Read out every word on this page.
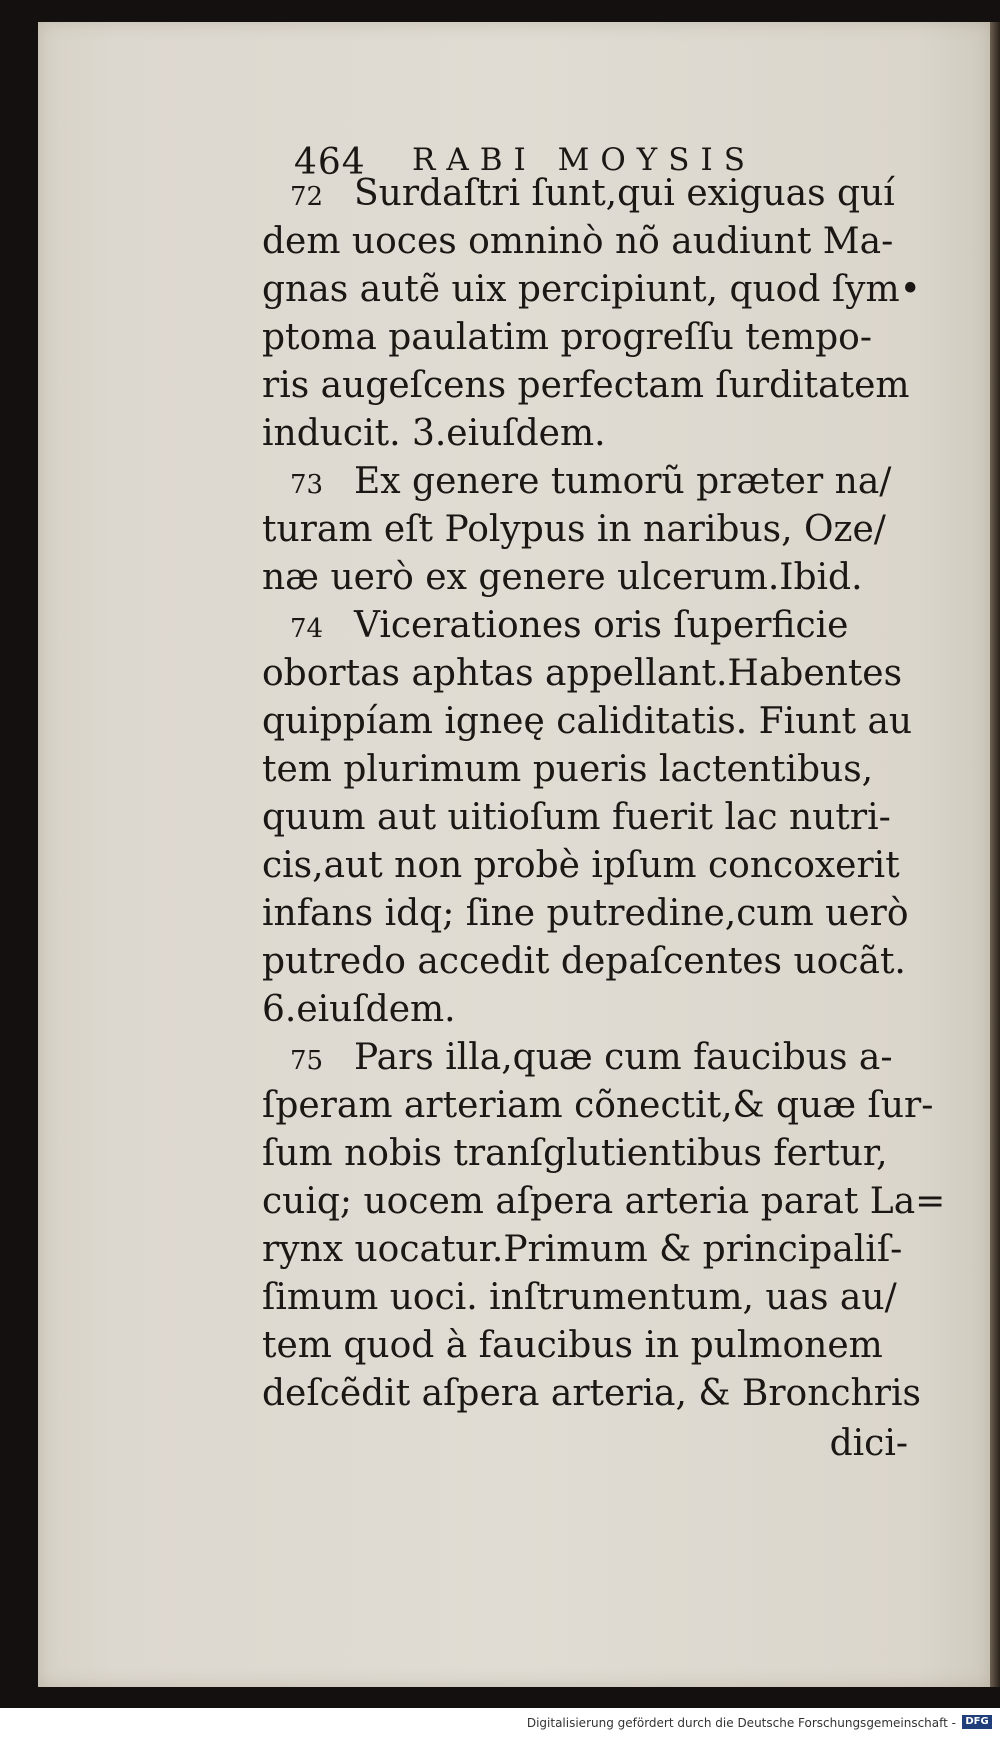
464 RABI MOYSIS
72 Surdaſtri ſunt,qui exiguas quí
dem uoces omninò nõ audiunt Ma-
gnas autẽ uix percipiunt, quod ſym•
ptoma paulatim progreſſu tempo-
ris augeſcens perfectam ſurditatem
inducit. 3.eiuſdem.
73 Ex genere tumorũ præter na/
turam eſt Polypus in naribus, Oze/
næ uerò ex genere ulcerum.Ibid.
74 Vicerationes oris ſuperficie
obortas aphtas appellant.Habentes
quippíam igneę caliditatis. Fiunt au
tem plurimum pueris lactentibus,
quum aut uitioſum fuerit lac nutri-
cis,aut non probè ipſum concoxerit
infans idq; ſine putredine,cum uerò
putredo accedit depaſcentes uocãt.
6.eiuſdem.
75 Pars illa,quæ cum faucibus a-
ſperam arteriam cõnectit,& quæ ſur-
ſum nobis tranſglutientibus fertur,
cuiq; uocem aſpera arteria parat La=
rynx uocatur.Primum & principaliſ-
ſimum uoci. inſtrumentum, uas au/
tem quod à faucibus in pulmonem
deſcẽdit aſpera arteria, & Bronchris
dici-
Digitalisierung gefördert durch die Deutsche Forschungsgemeinschaft - DFG
